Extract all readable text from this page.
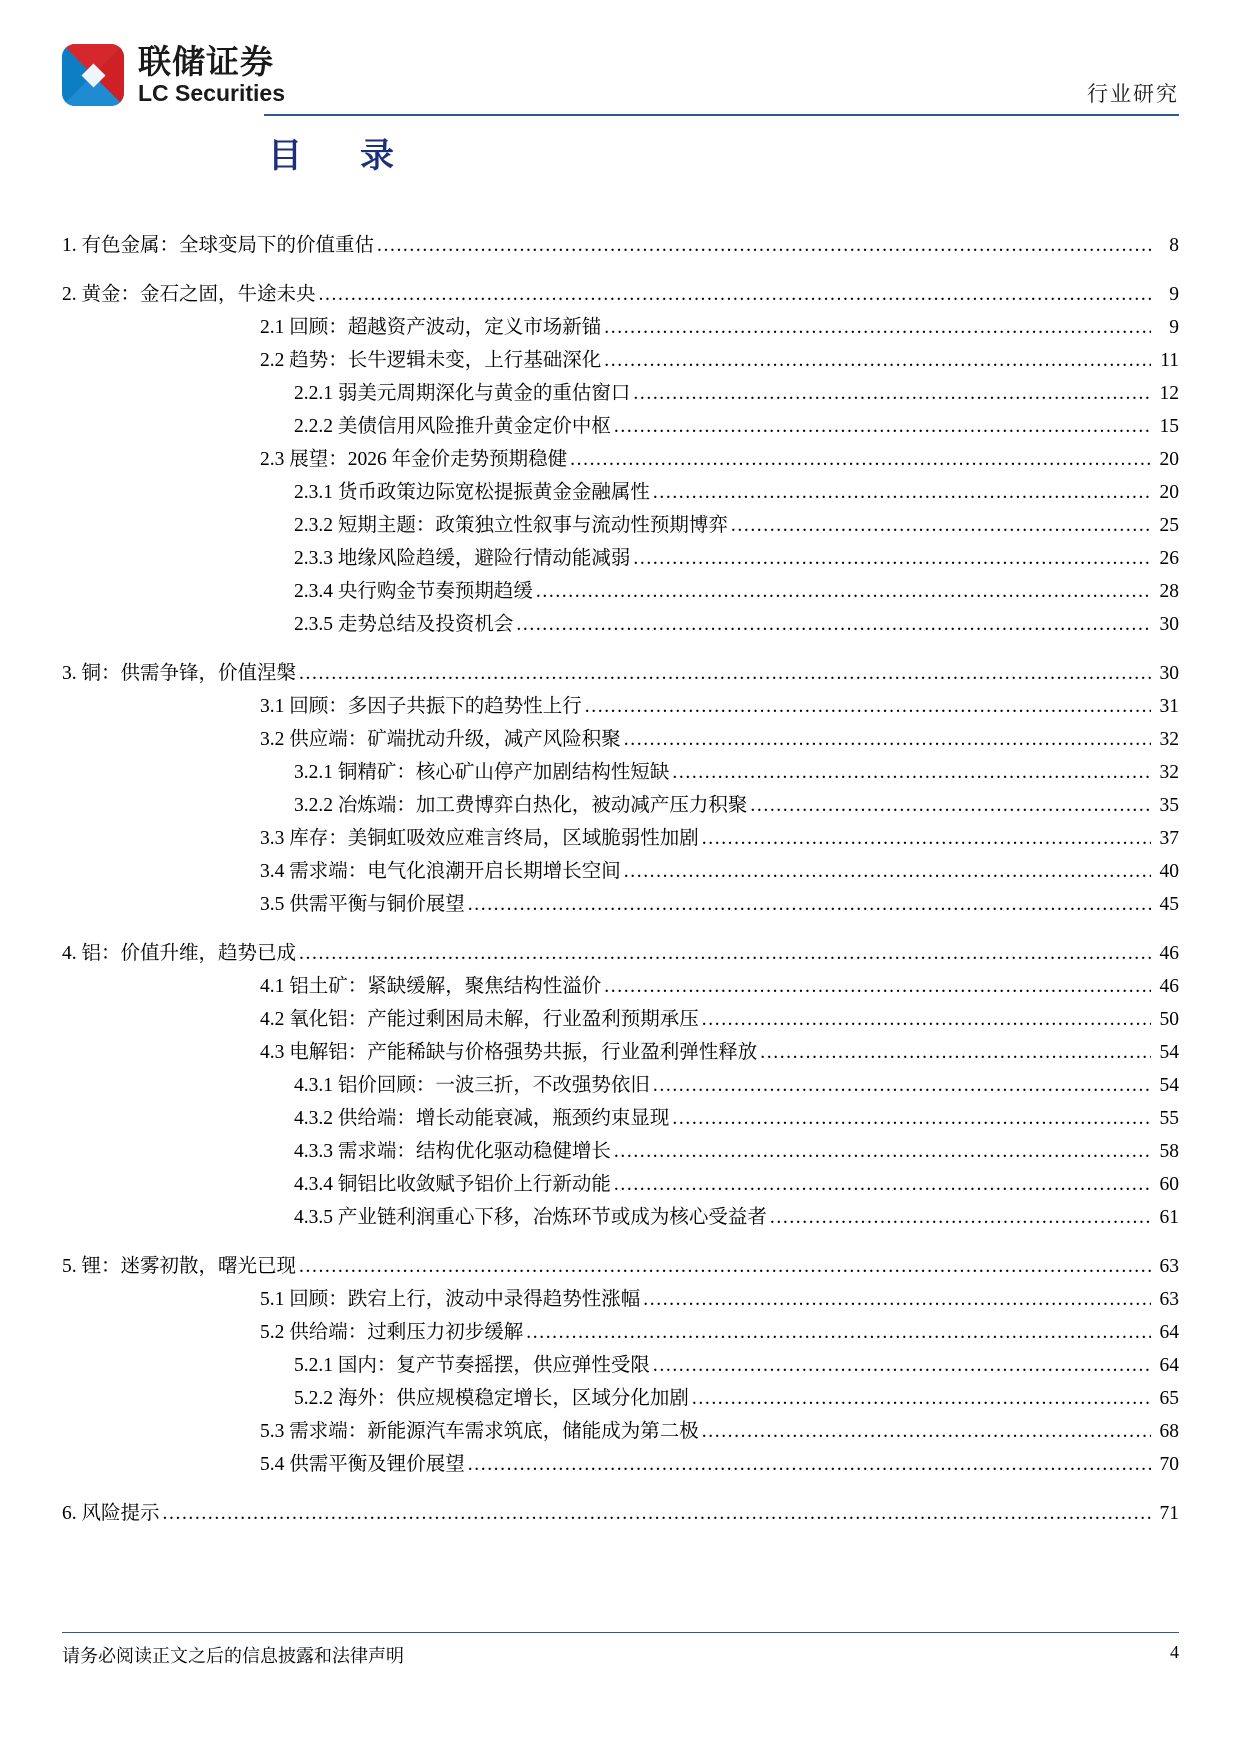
联储证券
LC Securities	行业研究
目　录
1. 有色金属：全球变局下的价值重估 .....	8
2. 黄金：金石之固，牛途未央 .....	9
2.1 回顾：超越资产波动，定义市场新锚 .....	9
2.2 趋势：长牛逻辑未变，上行基础深化 .....	11
2.2.1 弱美元周期深化与黄金的重估窗口 .....	12
2.2.2 美债信用风险推升黄金定价中枢 .....	15
2.3 展望：2026 年金价走势预期稳健 .....	20
2.3.1 货币政策边际宽松提振黄金金融属性 .....	20
2.3.2 短期主题：政策独立性叙事与流动性预期博弈 .....	25
2.3.3 地缘风险趋缓，避险行情动能减弱 .....	26
2.3.4 央行购金节奏预期趋缓 .....	28
2.3.5 走势总结及投资机会 .....	30
3. 铜：供需争锋，价值涅槃 .....	30
3.1 回顾：多因子共振下的趋势性上行 .....	31
3.2 供应端：矿端扰动升级，减产风险积聚 .....	32
3.2.1 铜精矿：核心矿山停产加剧结构性短缺 .....	32
3.2.2 冶炼端：加工费博弈白热化，被动减产压力积聚 .....	35
3.3 库存：美铜虹吸效应难言终局，区域脆弱性加剧 .....	37
3.4 需求端：电气化浪潮开启长期增长空间 .....	40
3.5 供需平衡与铜价展望 .....	45
4. 铝：价值升维，趋势已成 .....	46
4.1 铝土矿：紧缺缓解，聚焦结构性溢价 .....	46
4.2 氧化铝：产能过剩困局未解，行业盈利预期承压 .....	50
4.3 电解铝：产能稀缺与价格强势共振，行业盈利弹性释放 .....	54
4.3.1 铝价回顾：一波三折，不改强势依旧 .....	54
4.3.2 供给端：增长动能衰减，瓶颈约束显现 .....	55
4.3.3 需求端：结构优化驱动稳健增长 .....	58
4.3.4 铜铝比收敛赋予铝价上行新动能 .....	60
4.3.5 产业链利润重心下移，冶炼环节或成为核心受益者 .....	61
5. 锂：迷雾初散，曙光已现 .....	63
5.1 回顾：跌宕上行，波动中录得趋势性涨幅 .....	63
5.2 供给端：过剩压力初步缓解 .....	64
5.2.1 国内：复产节奏摇摆，供应弹性受限 .....	64
5.2.2 海外：供应规模稳定增长，区域分化加剧 .....	65
5.3 需求端：新能源汽车需求筑底，储能成为第二极 .....	68
5.4 供需平衡及锂价展望 .....	70
6. 风险提示 .....	71
请务必阅读正文之后的信息披露和法律声明	4
